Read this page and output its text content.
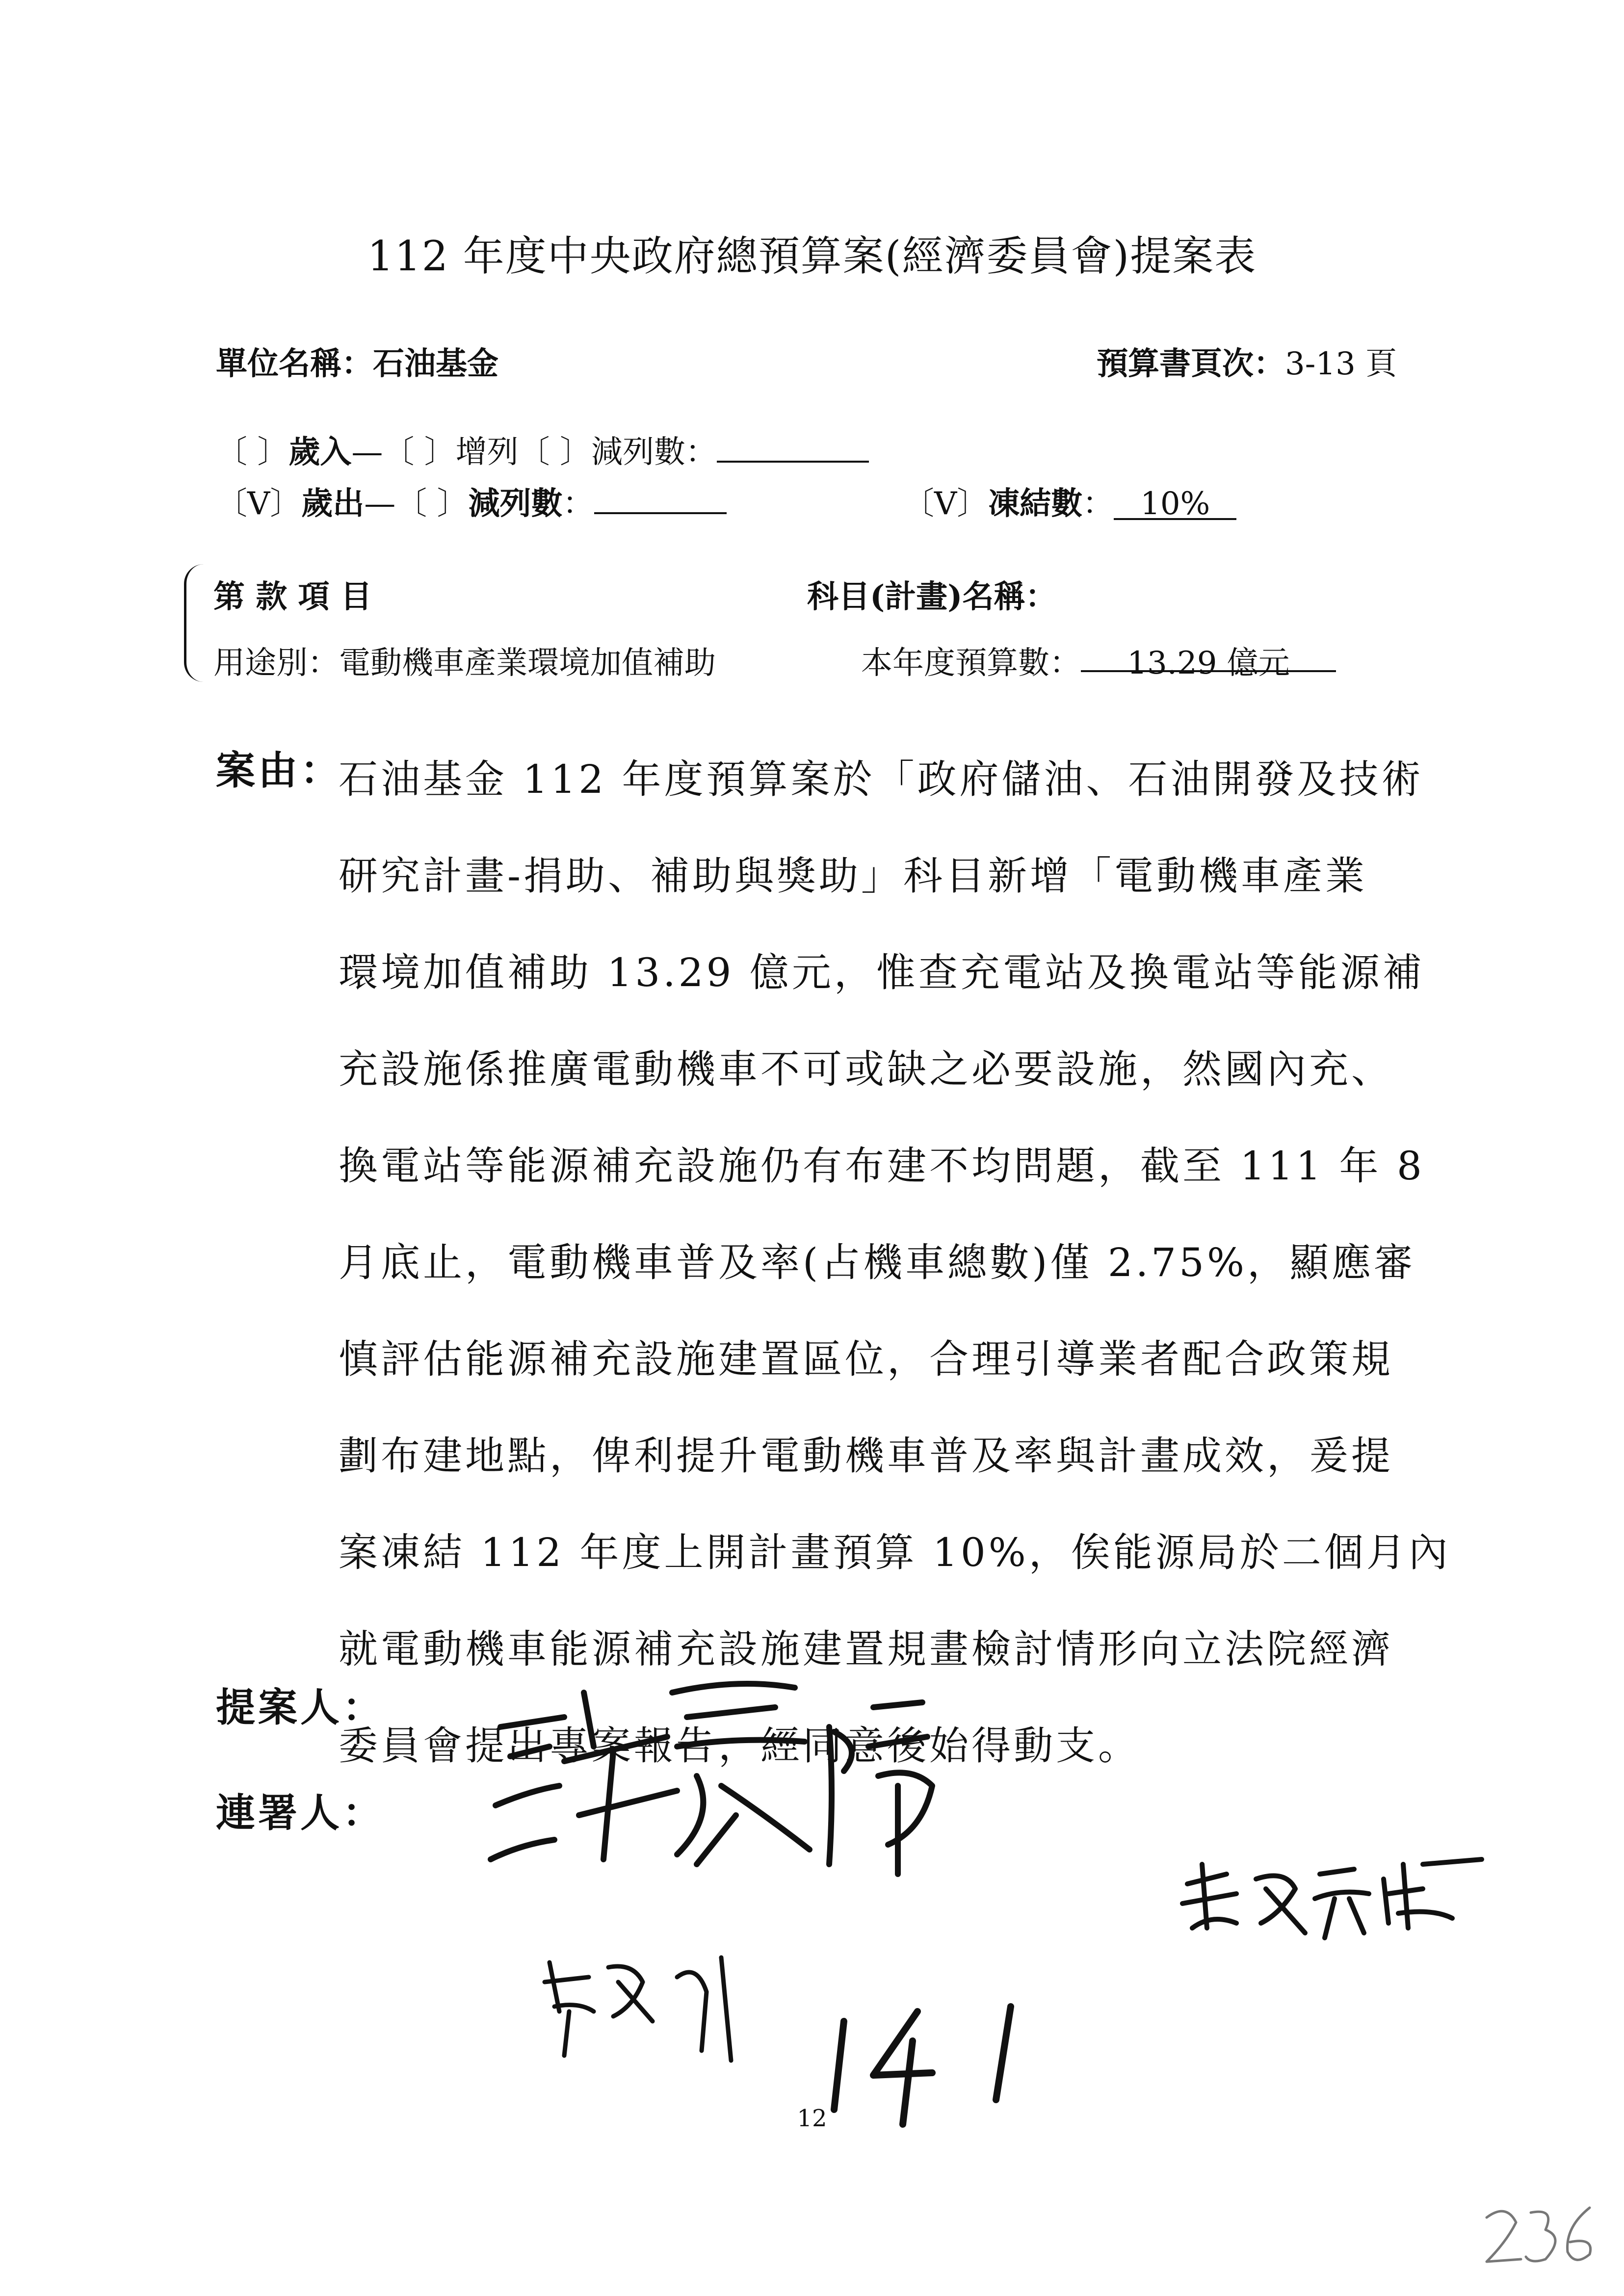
112 年度中央政府總預算案(經濟委員會)提案表
單位名稱：石油基金	預算書頁次：3-13 頁
〔 〕歲入—〔 〕增列〔 〕減列數：
〔V〕歲出—〔 〕減列數：	〔V〕凍結數： 10%
第 款 項 目	科目(計畫)名稱：
用途別：電動機車產業環境加值補助	本年度預算數： 13.29 億元
案由：
石油基金 112 年度預算案於「政府儲油、石油開發及技術
研究計畫-捐助、補助與獎助」科目新增「電動機車產業
環境加值補助 13.29 億元，惟查充電站及換電站等能源補
充設施係推廣電動機車不可或缺之必要設施，然國內充、
換電站等能源補充設施仍有布建不均問題，截至 111 年 8
月底止，電動機車普及率(占機車總數)僅 2.75%，顯應審
慎評估能源補充設施建置區位，合理引導業者配合政策規
劃布建地點，俾利提升電動機車普及率與計畫成效，爰提
案凍結 112 年度上開計畫預算 10%，俟能源局於二個月內
就電動機車能源補充設施建置規畫檢討情形向立法院經濟
委員會提出專案報告，經同意後始得動支。
提案人：
連署人：
12
